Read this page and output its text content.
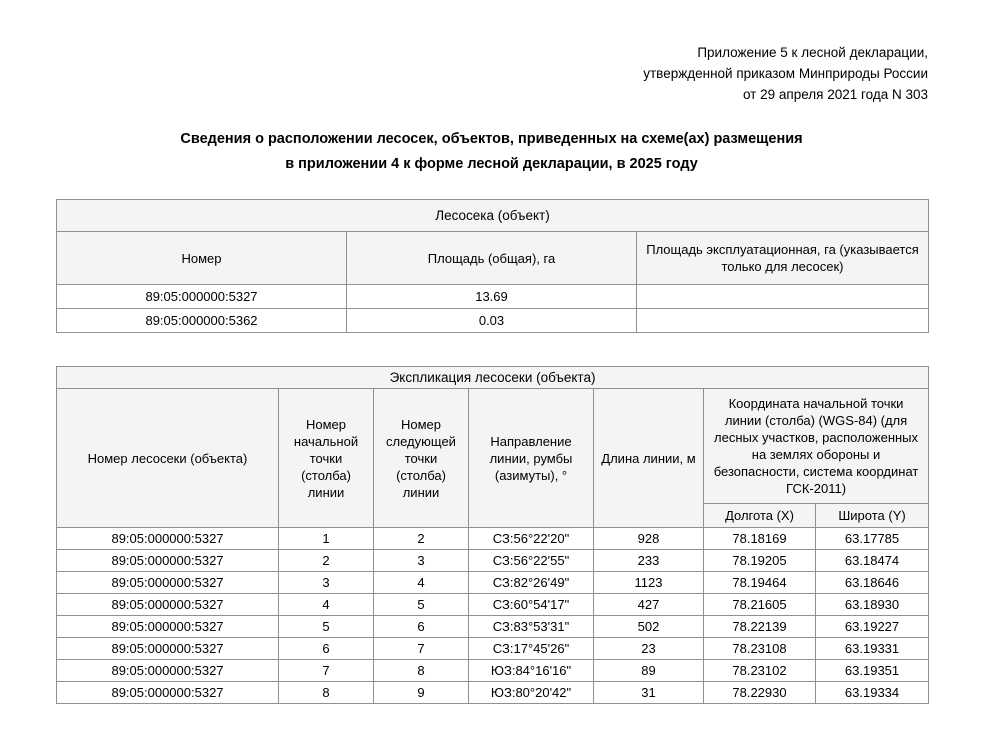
Приложение 5 к лесной декларации,
утвержденной приказом Минприроды России
от 29 апреля 2021 года N 303
Сведения о расположении лесосек, объектов, приведенных на схеме(ах) размещения
в приложении 4 к форме лесной декларации, в 2025 году
Лесосека (объект)		
Номер	Площадь (общая), га	Площадь эксплуатационная, га (указывается только для лесосек)
89:05:000000:5327	13.69	
89:05:000000:5362	0.03	
Экспликация лесосеки (объекта)						
Номер лесосеки (объекта)	Номер начальной точки (столба) линии	Номер следующей точки (столба) линии	Направление линии, румбы (азимуты), °	Длина линии, м	Координата начальной точки линии (столба) (WGS-84) (для лесных участков, расположенных на землях обороны и безопасности, система координат ГСК-2011)	
					Долгота (X)	Широта (Y)
89:05:000000:5327	1	2	СЗ:56°22'20"	928	78.18169	63.17785
89:05:000000:5327	2	3	СЗ:56°22'55"	233	78.19205	63.18474
89:05:000000:5327	3	4	СЗ:82°26'49"	1123	78.19464	63.18646
89:05:000000:5327	4	5	СЗ:60°54'17"	427	78.21605	63.18930
89:05:000000:5327	5	6	СЗ:83°53'31"	502	78.22139	63.19227
89:05:000000:5327	6	7	СЗ:17°45'26"	23	78.23108	63.19331
89:05:000000:5327	7	8	ЮЗ:84°16'16"	89	78.23102	63.19351
89:05:000000:5327	8	9	ЮЗ:80°20'42"	31	78.22930	63.19334
